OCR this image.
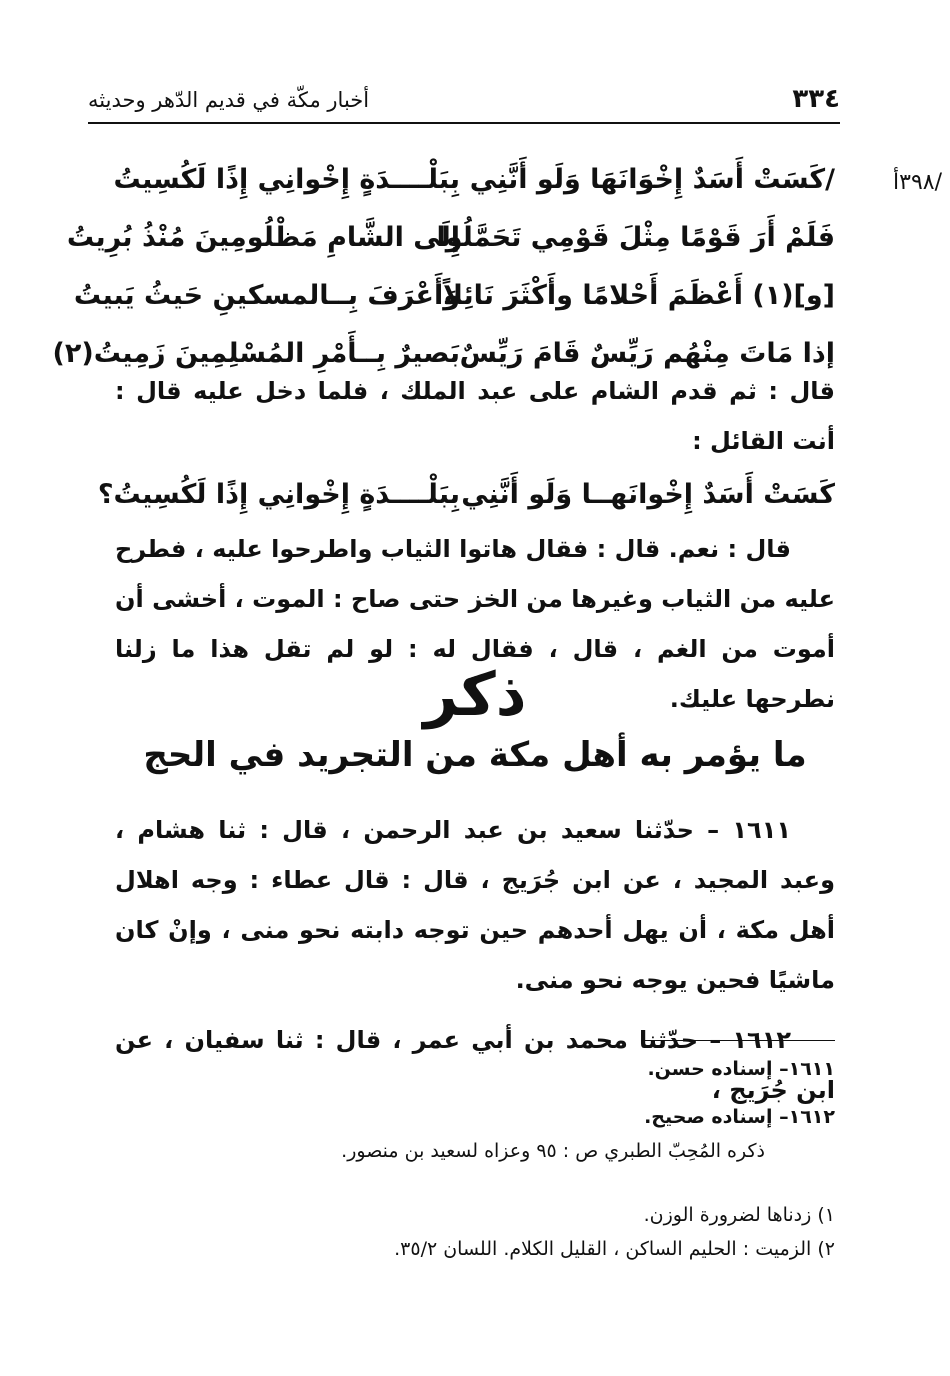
٣٣٤
أخبار مكّة في قديم الدّهر وحديثه
/٣٩٨أ
/كَسَتْ أَسَدٌ إِخْوَانَهَا وَلَو أَنَّنِي
بِبَلْــــدَةٍ إِخْوانِي إِذًا لَكُسِيتُ
فَلَمْ أَرَ قَوْمًا مِثْلَ قَوْمِي تَحَمَّلُوا
إِلَى الشَّامِ مَظْلُومِينَ مُنْذُ بُرِيتُ
[و](١) أَعْظَمَ أَحْلامًا وأَكْثَرَ نَائِلاً
وَأَعْرَفَ بِــالمسكينِ حَيثُ يَبيتُ
إذا مَاتَ مِنْهُم رَيِّسٌ قَامَ رَيِّسٌ
بَصيرٌ بِــأَمْرِ المُسْلِمِينَ زَمِيتُ(٢)

قال : ثم قدم الشام على عبد الملك ، فلما دخل عليه قال : أنت القائل :

كَسَتْ أَسَدٌ إِخْوانَهــا وَلَو أَنَّنِي
بِبَلْــــدَةٍ إِخْوانِي إِذًا لَكُسِيتُ؟

قال : نعم. قال : فقال هاتوا الثياب واطرحوا عليه ، فطرح عليه من الثياب وغيرها من الخز حتى صاح : الموت ، أخشى أن أموت من الغم ، قال ، فقال له : لو لم تقل هذا ما زلنا نطرحها عليك.

ذكر
ما يؤمر به أهل مكة من التجريد في الحج

١٦١١ – حدّثنا سعيد بن عبد الرحمن ، قال : ثنا هشام ، وعبد المجيد ، عن ابن جُرَيج ، قال : قال عطاء : وجه اهلال أهل مكة ، أن يهل أحدهم حين توجه دابته نحو منى ، وإنْ كان ماشيًا فحين يوجه نحو منى.

١٦١٢ – حدّثنا محمد بن أبي عمر ، قال : ثنا سفيان ، عن ابن جُرَيج ،

١٦١١– إسناده حسن.

١٦١٢– إسناده صحيح.

ذكره المُحِبّ الطبري ص : ٩٥ وعزاه لسعيد بن منصور.

١) زدناها لضرورة الوزن.

٢) الزميت : الحليم الساكن ، القليل الكلام. اللسان ٣٥/٢.
